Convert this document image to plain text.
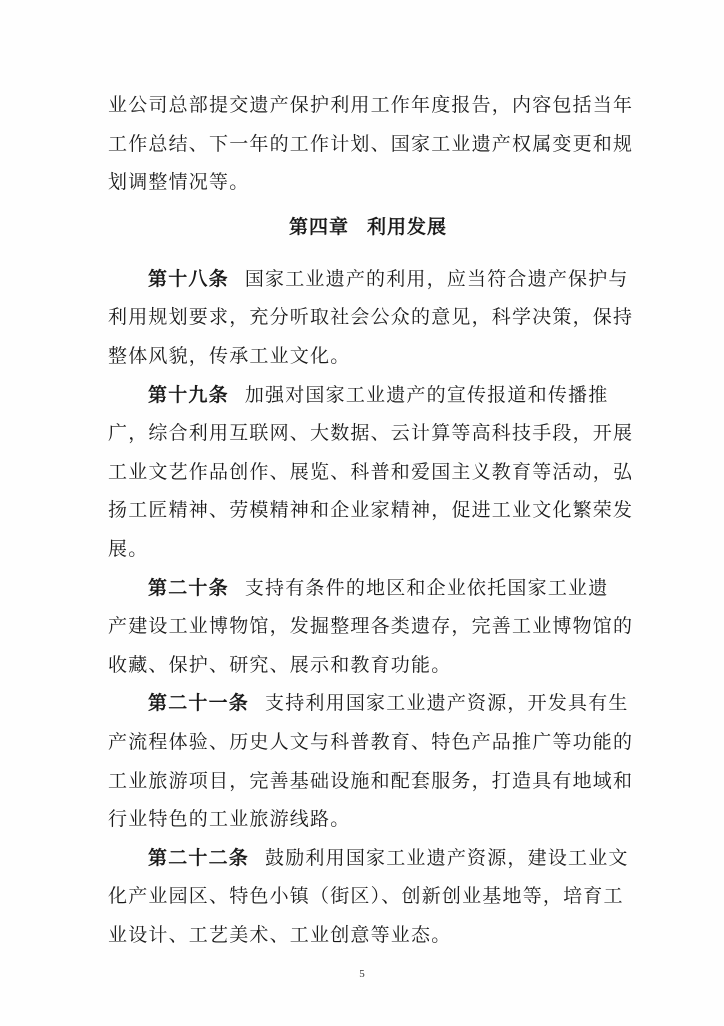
业公司总部提交遗产保护利用工作年度报告，内容包括当年
工作总结、下一年的工作计划、国家工业遗产权属变更和规
划调整情况等。
第四章 利用发展
第十八条 国家工业遗产的利用，应当符合遗产保护与
利用规划要求，充分听取社会公众的意见，科学决策，保持
整体风貌，传承工业文化。
第十九条 加强对国家工业遗产的宣传报道和传播推
广，综合利用互联网、大数据、云计算等高科技手段，开展
工业文艺作品创作、展览、科普和爱国主义教育等活动，弘
扬工匠精神、劳模精神和企业家精神，促进工业文化繁荣发
展。
第二十条 支持有条件的地区和企业依托国家工业遗
产建设工业博物馆，发掘整理各类遗存，完善工业博物馆的
收藏、保护、研究、展示和教育功能。
第二十一条 支持利用国家工业遗产资源，开发具有生
产流程体验、历史人文与科普教育、特色产品推广等功能的
工业旅游项目，完善基础设施和配套服务，打造具有地域和
行业特色的工业旅游线路。
第二十二条 鼓励利用国家工业遗产资源，建设工业文
化产业园区、特色小镇（街区）、创新创业基地等，培育工
业设计、工艺美术、工业创意等业态。
5
